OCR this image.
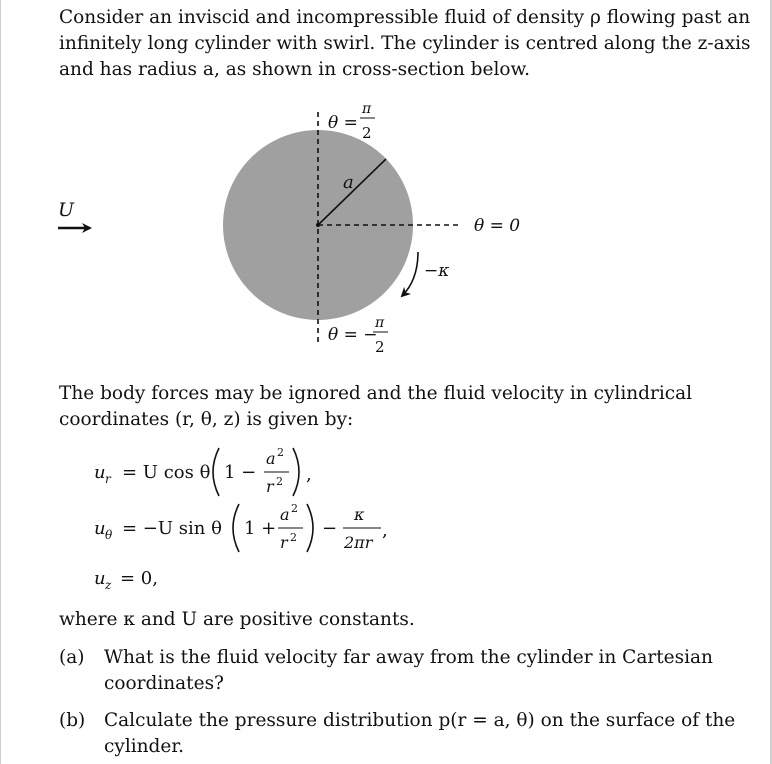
Consider an inviscid and incompressible fluid of density ρ flowing past an
infinitely long cylinder with swirl. The cylinder is centred along the z-axis
and has radius a, as shown in cross-section below.

a
θ =
π
2
U
θ = 0
−κ
θ = −
π
2

The body forces may be ignored and the fluid velocity in cylindrical
coordinates (r, θ, z) is given by:

u r = U cos θ 1 −
a 2
r 2 ,
u θ = −U sin θ 1 +
a 2
r 2 −
κ
2πr
,
u z = 0,

where κ and U are positive constants.

(a) What is the fluid velocity far away from the cylinder in Cartesian
coordinates?
(b) Calculate the pressure distribution p(r = a, θ) on the surface of the
cylinder.
